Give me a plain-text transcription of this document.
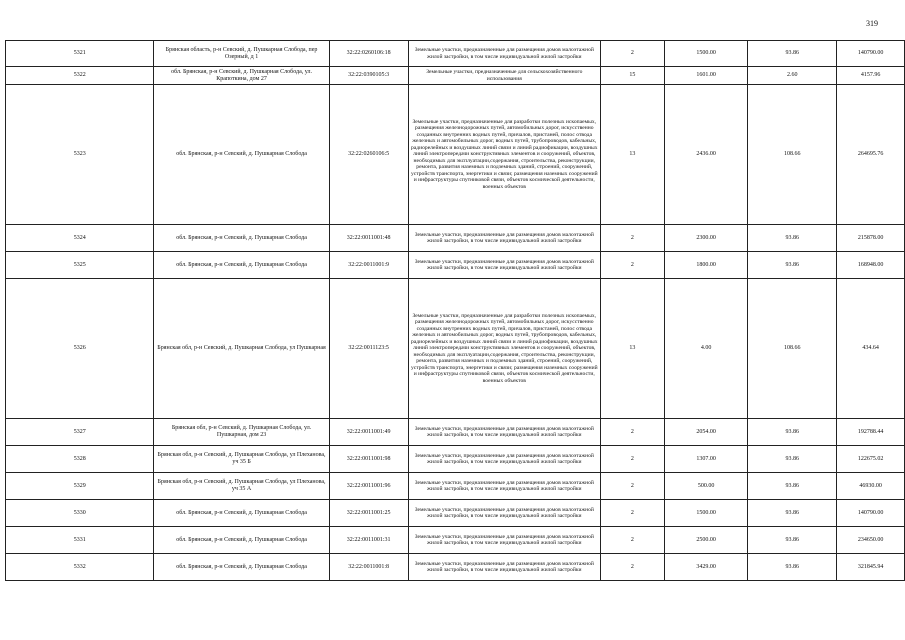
319
5321	Брянская область, р-н Севский, д. Пушкарная Слобода, пер Озерный, д 1	32:22:0260106:18	Земельные участки, предназначенные для размещения домов малоэтажной жилой застройки, в том числе индивидуальной жилой застройки	2	1500.00	93.86	140790.00
5322	обл. Брянская, р-н Севский, д. Пушкарная Слобода, ул. Крапоткина, дом 27	32:22:0390105:3	Земельные участки, предназначенные для сельскохозяйственного использования	15	1601.00	2.60	4157.96
5323	обл. Брянская, р-н Севский, д. Пушкарная Слобода	32:22:0260106:5	Земельные участки, предназначенные для разработки полезных ископаемых, размещения железнодорожных путей, автомобильных дорог, искусственно созданных внутренних водных путей, причалов, пристаней, полос отвода железных и автомобильных дорог, водных путей, трубопроводов, кабельных, радиорелейных и воздушных линий связи и линий радиофикации, воздушных линий электропередачи конструктивных элементов и сооружений, объектов, необходимых для эксплуатации,содержания, строительства, реконструкции, ремонта, развития наземных и подземных зданий, строений, сооружений, устройств транспорта, энергетики и связи; размещения наземных сооружений и инфраструктуры спутниковой связи, объектов космической деятельности, военных объектов	13	2436.00	108.66	264695.76
5324	обл. Брянская, р-н Севский, д. Пушкарная Слобода	32:22:0011001:48	Земельные участки, предназначенные для размещения домов малоэтажной жилой застройки, в том числе индивидуальной жилой застройки	2	2300.00	93.86	215878.00
5325	обл. Брянская, р-н Севский, д. Пушкарная Слобода	32:22:0011001:9	Земельные участки, предназначенные для размещения домов малоэтажной жилой застройки, в том числе индивидуальной жилой застройки	2	1800.00	93.86	168948.00
5326	Брянская обл, р-н Севский, д. Пушкарная Слобода, ул Пушкарная	32:22:0011123:5	Земельные участки, предназначенные для разработки полезных ископаемых, размещения железнодорожных путей, автомобильных дорог, искусственно созданных внутренних водных путей, причалов, пристаней, полос отвода железных и автомобильных дорог, водных путей, трубопроводов, кабельных, радиорелейных и воздушных линий связи и линий радиофикации, воздушных линий электропередачи конструктивных элементов и сооружений, объектов, необходимых для эксплуатации,содержания, строительства, реконструкции, ремонта, развития наземных и подземных зданий, строений, сооружений, устройств транспорта, энергетики и связи; размещения наземных сооружений и инфраструктуры спутниковой связи, объектов космической деятельности, военных объектов	13	4.00	108.66	434.64
5327	Брянская обл, р-н Севский, д. Пушкарная Слобода, ул. Пушкарная, дом 23	32:22:0011001:49	Земельные участки, предназначенные для размещения домов малоэтажной жилой застройки, в том числе индивидуальной жилой застройки	2	2054.00	93.86	192788.44
5328	Брянская обл, р-н Севский, д. Пушкарная Слобода, ул Плеханова, уч 35 Б	32:22:0011001:98	Земельные участки, предназначенные для размещения домов малоэтажной жилой застройки, в том числе индивидуальной жилой застройки	2	1307.00	93.86	122675.02
5329	Брянская обл, р-н Севский, д. Пушкарная Слобода, ул Плеханова, уч 35 А	32:22:0011001:96	Земельные участки, предназначенные для размещения домов малоэтажной жилой застройки, в том числе индивидуальной жилой застройки	2	500.00	93.86	46930.00
5330	обл. Брянская, р-н Севский, д. Пушкарная Слобода	32:22:0011001:25	Земельные участки, предназначенные для размещения домов малоэтажной жилой застройки, в том числе индивидуальной жилой застройки	2	1500.00	93.86	140790.00
5331	обл. Брянская, р-н Севский, д. Пушкарная Слобода	32:22:0011001:31	Земельные участки, предназначенные для размещения домов малоэтажной жилой застройки, в том числе индивидуальной жилой застройки	2	2500.00	93.86	234650.00
5332	обл. Брянская, р-н Севский, д. Пушкарная Слобода	32:22:0011001:8	Земельные участки, предназначенные для размещения домов малоэтажной жилой застройки, в том числе индивидуальной жилой застройки	2	3429.00	93.86	321845.94
